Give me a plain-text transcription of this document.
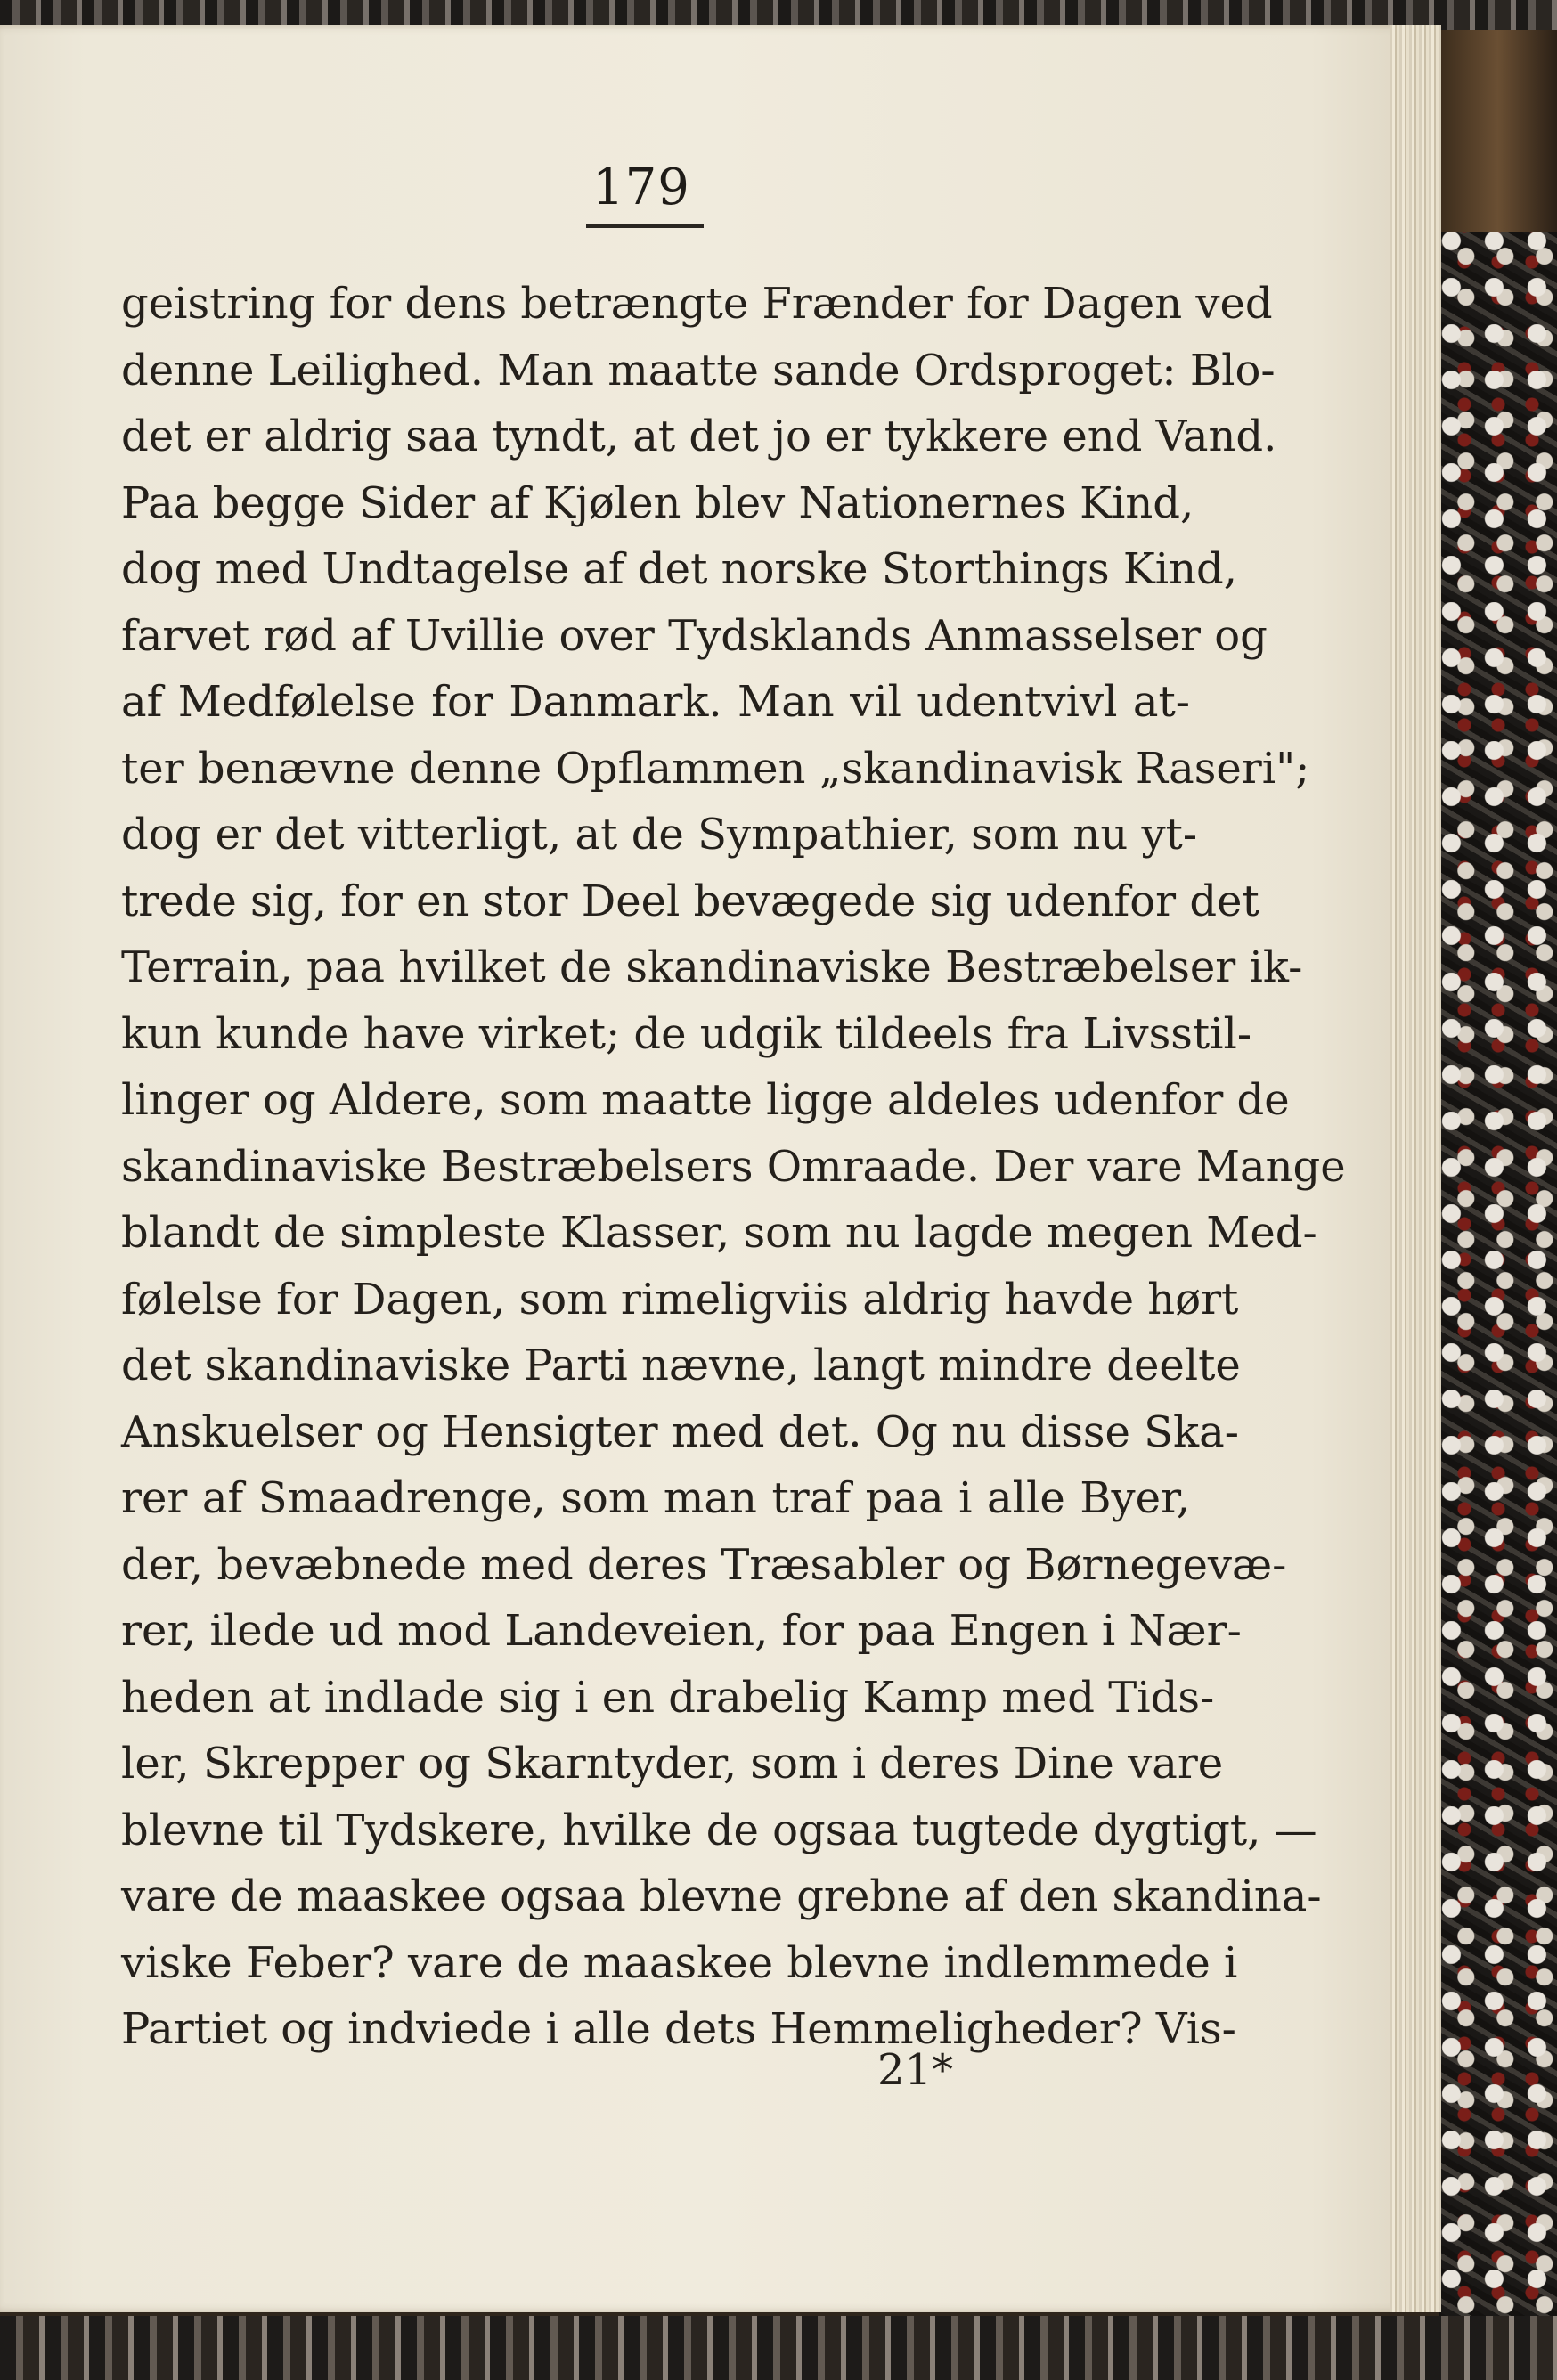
179
geistring for dens betrængte Frænder for Dagen ved
denne Leilighed. Man maatte sande Ordsproget: Blo-
det er aldrig saa tyndt, at det jo er tykkere end Vand.
Paa begge Sider af Kjølen blev Nationernes Kind,
dog med Undtagelse af det norske Storthings Kind,
farvet rød af Uvillie over Tydsklands Anmasselser og
af Medfølelse for Danmark. Man vil udentvivl at-
ter benævne denne Opflammen „skandinavisk Raseri";
dog er det vitterligt, at de Sympathier, som nu yt-
trede sig, for en stor Deel bevægede sig udenfor det
Terrain, paa hvilket de skandinaviske Bestræbelser ik-
kun kunde have virket; de udgik tildeels fra Livsstil-
linger og Aldere, som maatte ligge aldeles udenfor de
skandinaviske Bestræbelsers Omraade. Der vare Mange
blandt de simpleste Klasser, som nu lagde megen Med-
følelse for Dagen, som rimeligviis aldrig havde hørt
det skandinaviske Parti nævne, langt mindre deelte
Anskuelser og Hensigter med det. Og nu disse Ska-
rer af Smaadrenge, som man traf paa i alle Byer,
der, bevæbnede med deres Træsabler og Børnegevæ-
rer, ilede ud mod Landeveien, for paa Engen i Nær-
heden at indlade sig i en drabelig Kamp med Tids-
ler, Skrepper og Skarntyder, som i deres Dine vare
blevne til Tydskere, hvilke de ogsaa tugtede dygtigt, —
vare de maaskee ogsaa blevne grebne af den skandina-
viske Feber? vare de maaskee blevne indlemmede i
Partiet og indviede i alle dets Hemmeligheder? Vis-
21*
